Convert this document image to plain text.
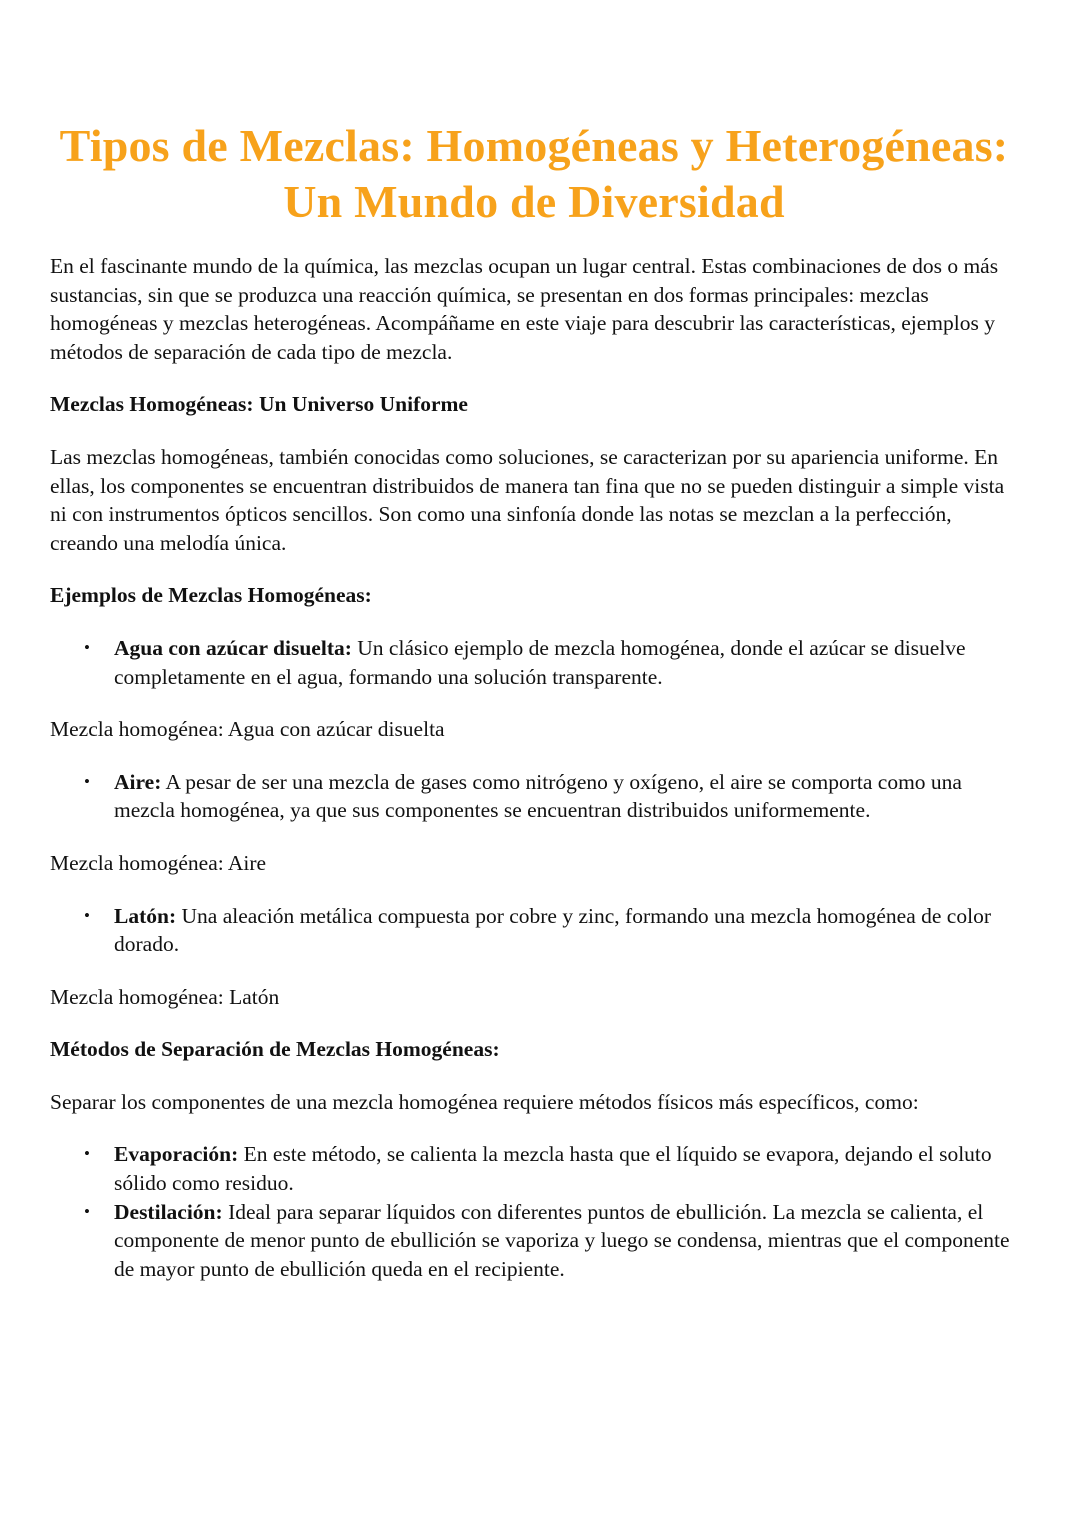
Tipos de Mezclas: Homogéneas y Heterogéneas: Un Mundo de Diversidad

En el fascinante mundo de la química, las mezclas ocupan un lugar central. Estas combinaciones de dos o más sustancias, sin que se produzca una reacción química, se presentan en dos formas principales: mezclas homogéneas y mezclas heterogéneas. Acompáñame en este viaje para descubrir las características, ejemplos y métodos de separación de cada tipo de mezcla.

Mezclas Homogéneas: Un Universo Uniforme

Las mezclas homogéneas, también conocidas como soluciones, se caracterizan por su apariencia uniforme. En ellas, los componentes se encuentran distribuidos de manera tan fina que no se pueden distinguir a simple vista ni con instrumentos ópticos sencillos. Son como una sinfonía donde las notas se mezclan a la perfección, creando una melodía única.

Ejemplos de Mezclas Homogéneas:

• Agua con azúcar disuelta: Un clásico ejemplo de mezcla homogénea, donde el azúcar se disuelve completamente en el agua, formando una solución transparente.

Mezcla homogénea: Agua con azúcar disuelta

• Aire: A pesar de ser una mezcla de gases como nitrógeno y oxígeno, el aire se comporta como una mezcla homogénea, ya que sus componentes se encuentran distribuidos uniformemente.

Mezcla homogénea: Aire

• Latón: Una aleación metálica compuesta por cobre y zinc, formando una mezcla homogénea de color dorado.

Mezcla homogénea: Latón

Métodos de Separación de Mezclas Homogéneas:

Separar los componentes de una mezcla homogénea requiere métodos físicos más específicos, como:

• Evaporación: En este método, se calienta la mezcla hasta que el líquido se evapora, dejando el soluto sólido como residuo.
• Destilación: Ideal para separar líquidos con diferentes puntos de ebullición. La mezcla se calienta, el componente de menor punto de ebullición se vaporiza y luego se condensa, mientras que el componente de mayor punto de ebullición queda en el recipiente.
